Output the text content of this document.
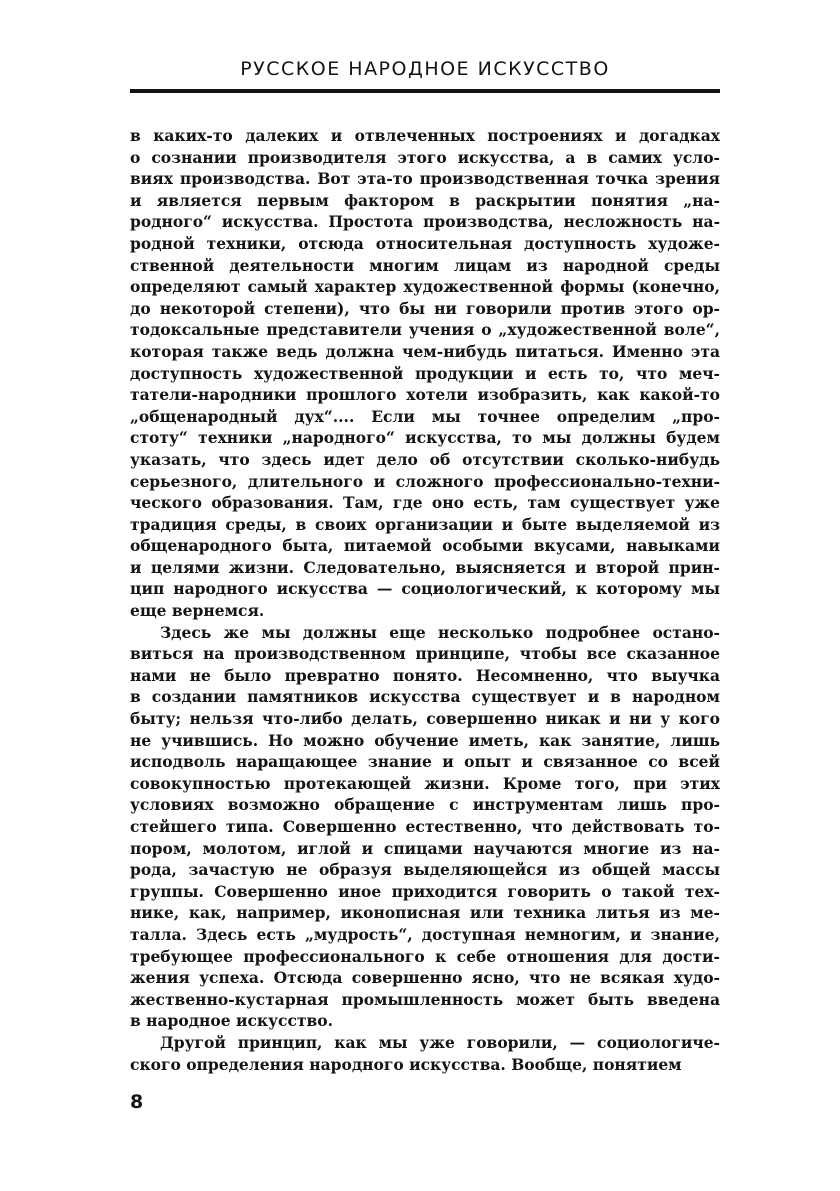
РУССКОЕ НАРОДНОЕ ИСКУССТВО

в каких-то далеких и отвлеченных построениях и догадках
о сознании производителя этого искусства, а в самих усло-
виях производства. Вот эта-то производственная точка зрения
и является первым фактором в раскрытии понятия „на-
родного“ искусства. Простота производства, несложность на-
родной техники, отсюда относительная доступность художе-
ственной деятельности многим лицам из народной среды
определяют самый характер художественной формы (конечно,
до некоторой степени), что бы ни говорили против этого ор-
тодоксальные представители учения о „художественной воле“,
которая также ведь должна чем-нибудь питаться. Именно эта
доступность художественной продукции и есть то, что меч-
татели-народники прошлого хотели изобразить, как какой-то
„общенародный дух“.... Если мы точнее определим „про-
стоту“ техники „народного“ искусства, то мы должны будем
указать, что здесь идет дело об отсутствии сколько-нибудь
серьезного, длительного и сложного профессионально-техни-
ческого образования. Там, где оно есть, там существует уже
традиция среды, в своих организации и быте выделяемой из
общенародного быта, питаемой особыми вкусами, навыками
и целями жизни. Следовательно, выясняется и второй прин-
цип народного искусства — социологический, к которому мы
еще вернемся.

Здесь же мы должны еще несколько подробнее остано-
виться на производственном принципе, чтобы все сказанное
нами не было превратно понято. Несомненно, что выучка
в создании памятников искусства существует и в народном
быту; нельзя что-либо делать, совершенно никак и ни у кого
не учившись. Но можно обучение иметь, как занятие, лишь
исподволь наращающее знание и опыт и связанное со всей
совокупностью протекающей жизни. Кроме того, при этих
условиях возможно обращение с инструментам лишь про-
стейшего типа. Совершенно естественно, что действовать то-
пором, молотом, иглой и спицами научаются многие из на-
рода, зачастую не образуя выделяющейся из общей массы
группы. Совершенно иное приходится говорить о такой тех-
нике, как, например, иконописная или техника литья из ме-
талла. Здесь есть „мудрость“, доступная немногим, и знание,
требующее профессионального к себе отношения для дости-
жения успеха. Отсюда совершенно ясно, что не всякая худо-
жественно-кустарная промышленность может быть введена
в народное искусство.

Другой принцип, как мы уже говорили, — социологиче-
ского определения народного искусства. Вообще, понятием

8
